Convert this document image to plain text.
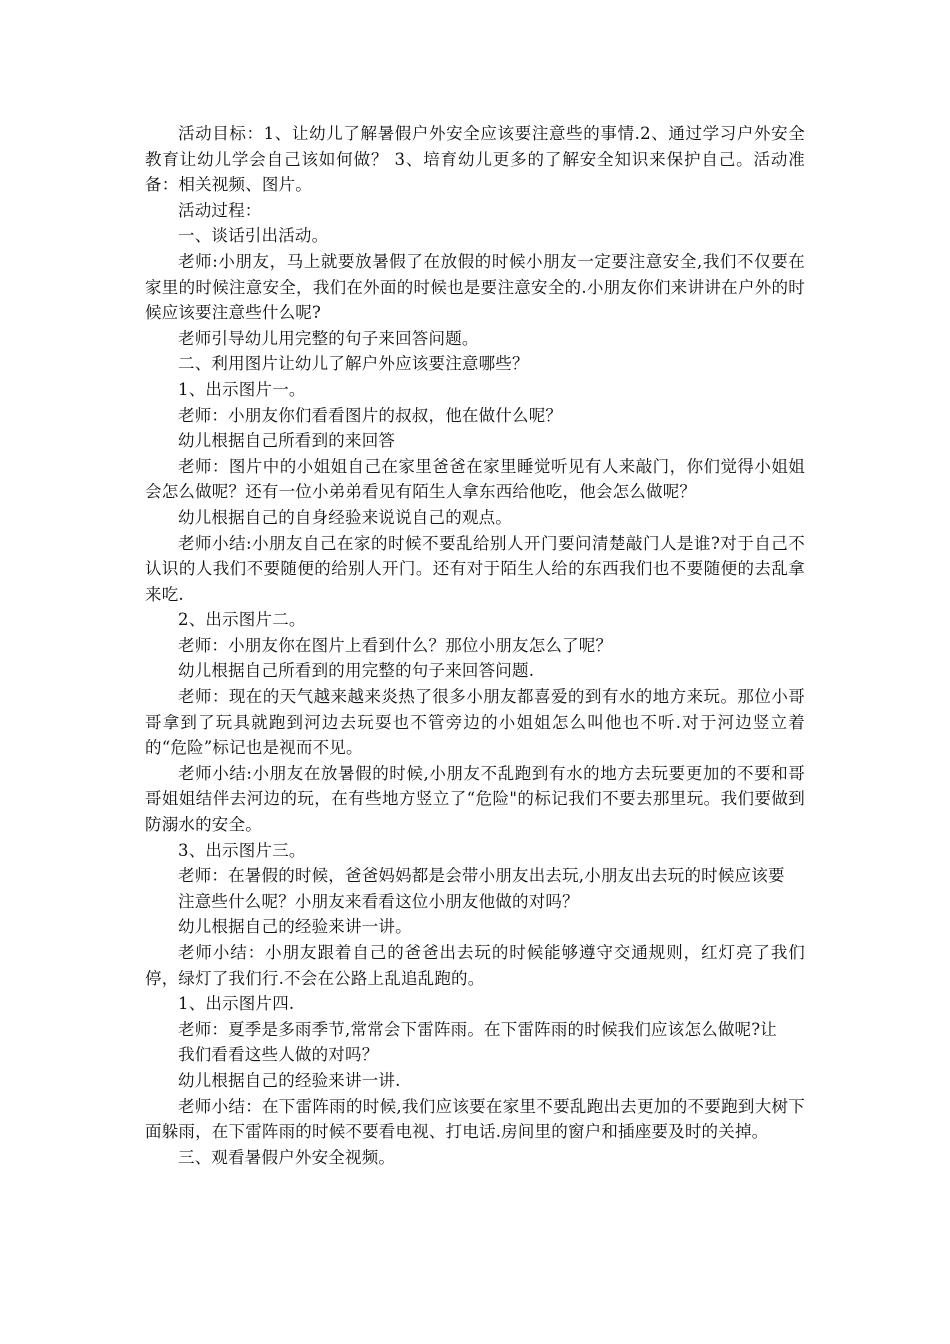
活动目标：1、让幼儿了解暑假户外安全应该要注意些的事情.2、通过学习户外安全教育让幼儿学会自己该如何做？ 3、培育幼儿更多的了解安全知识来保护自己。活动准备：相关视频、图片。

活动过程：

一、谈话引出活动。

老师:小朋友，马上就要放暑假了在放假的时候小朋友一定要注意安全,我们不仅要在家里的时候注意安全，我们在外面的时候也是要注意安全的.小朋友你们来讲讲在户外的时候应该要注意些什么呢?

老师引导幼儿用完整的句子来回答问题。

二、利用图片让幼儿了解户外应该要注意哪些？

1、出示图片一。

老师：小朋友你们看看图片的叔叔，他在做什么呢？

幼儿根据自己所看到的来回答

老师：图片中的小姐姐自己在家里爸爸在家里睡觉听见有人来敲门，你们觉得小姐姐会怎么做呢？还有一位小弟弟看见有陌生人拿东西给他吃，他会怎么做呢？

幼儿根据自己的自身经验来说说自己的观点。

老师小结:小朋友自己在家的时候不要乱给别人开门要问清楚敲门人是谁?对于自己不认识的人我们不要随便的给别人开门。还有对于陌生人给的东西我们也不要随便的去乱拿来吃.

2、出示图片二。

老师：小朋友你在图片上看到什么？那位小朋友怎么了呢？

幼儿根据自己所看到的用完整的句子来回答问题.

老师：现在的天气越来越来炎热了很多小朋友都喜爱的到有水的地方来玩。那位小哥哥拿到了玩具就跑到河边去玩耍也不管旁边的小姐姐怎么叫他也不听.对于河边竖立着的“危险”标记也是视而不见。

老师小结:小朋友在放暑假的时候,小朋友不乱跑到有水的地方去玩要更加的不要和哥哥姐姐结伴去河边的玩，在有些地方竖立了“危险"的标记我们不要去那里玩。我们要做到防溺水的安全。

3、出示图片三。

老师：在暑假的时候，爸爸妈妈都是会带小朋友出去玩,小朋友出去玩的时候应该要

注意些什么呢？小朋友来看看这位小朋友他做的对吗？

幼儿根据自己的经验来讲一讲。

老师小结：小朋友跟着自己的爸爸出去玩的时候能够遵守交通规则，红灯亮了我们停，绿灯了我们行.不会在公路上乱追乱跑的。

1、出示图片四.

老师：夏季是多雨季节,常常会下雷阵雨。在下雷阵雨的时候我们应该怎么做呢?让

我们看看这些人做的对吗？

幼儿根据自己的经验来讲一讲.

老师小结：在下雷阵雨的时候,我们应该要在家里不要乱跑出去更加的不要跑到大树下面躲雨，在下雷阵雨的时候不要看电视、打电话.房间里的窗户和插座要及时的关掉。

三、观看暑假户外安全视频。
